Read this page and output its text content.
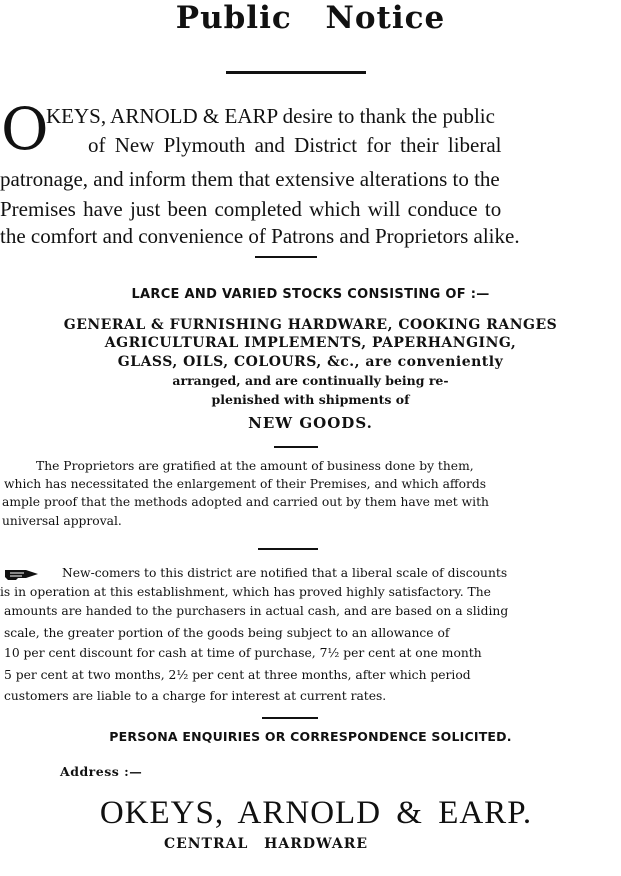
Public Notice
O
KEYS, ARNOLD & EARP desire to thank the public
of New Plymouth and District for their liberal
patronage, and inform them that extensive alterations to the
Premises have just been completed which will conduce to
the comfort and convenience of Patrons and Proprietors alike.
LARCE AND VARIED STOCKS CONSISTING OF :—
GENERAL & FURNISHING HARDWARE, COOKING RANGES
AGRICULTURAL IMPLEMENTS, PAPERHANGING,
GLASS, OILS, COLOURS, &c., are conveniently
arranged, and are continually being re-
plenished with shipments of
NEW GOODS.
The Proprietors are gratified at the amount of business done by them,
which has necessitated the enlargement of their Premises, and which affords
ample proof that the methods adopted and carried out by them have met with
universal approval.
New-comers to this district are notified that a liberal scale of discounts
is in operation at this establishment, which has proved highly satisfactory. The
amounts are handed to the purchasers in actual cash, and are based on a sliding
scale, the greater portion of the goods being subject to an allowance of
10 per cent discount for cash at time of purchase, 7½ per cent at one month
5 per cent at two months, 2½ per cent at three months, after which period
customers are liable to a charge for interest at current rates.
PERSONA ENQUIRIES OR CORRESPONDENCE SOLICITED.
Address :—
OKEYS, ARNOLD & EARP.
CENTRAL HARDWARE
